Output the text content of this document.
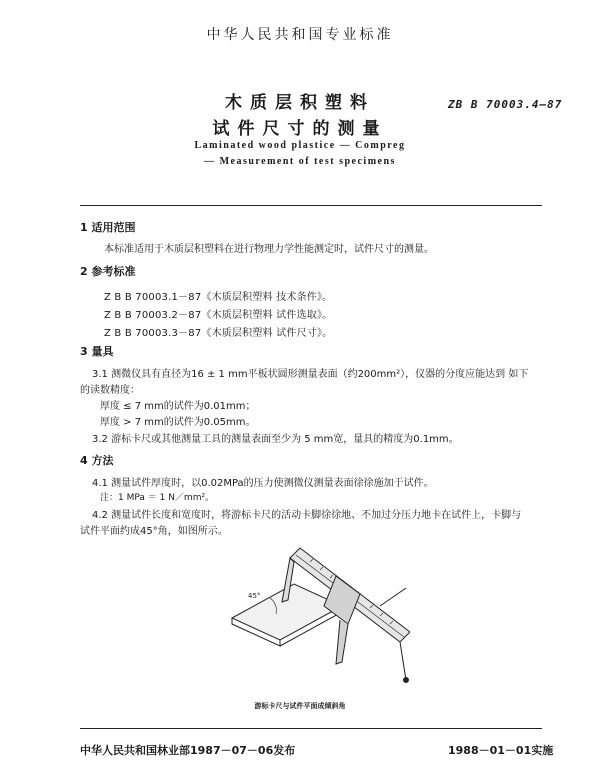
中华人民共和国专业标准
木质层积塑料
试件尺寸的测量
ZB B 70003.4—87
Laminated wood plastice — Compreg
— Measurement of test specimens
1 适用范围
本标准适用于木质层积塑料在进行物理力学性能测定时，试件尺寸的测量。
2 参考标准
Z B B 70003.1－87《木质层积塑料 技术条件》。
Z B B 70003.2－87《木质层积塑料 试件选取》。
Z B B 70003.3－87《木质层积塑料 试件尺寸》。
3 量具
3.1 测微仪具有直径为16 ± 1 mm平板状圆形测量表面（约200mm²），仪器的分度应能达到 如下
的读数精度：
厚度 ≤ 7 mm的试件为0.01mm；
厚度 > 7 mm的试件为0.05mm。
3.2 游标卡尺或其他测量工具的测量表面至少为 5 mm宽，量具的精度为0.1mm。
4 方法
4.1 测量试件厚度时，以0.02MPa的压力使测微仪测量表面徐徐施加于试件。
注：1 MPa ＝ 1 N／mm²。
4.2 测量试件长度和宽度时，将游标卡尺的活动卡脚徐徐地、不加过分压力地卡在试件上，卡脚与
试件平面约成45°角，如图所示。
45°
游标卡尺与试件平面成倾斜角
中华人民共和国林业部1987－07－06发布	1988－01－01实施
